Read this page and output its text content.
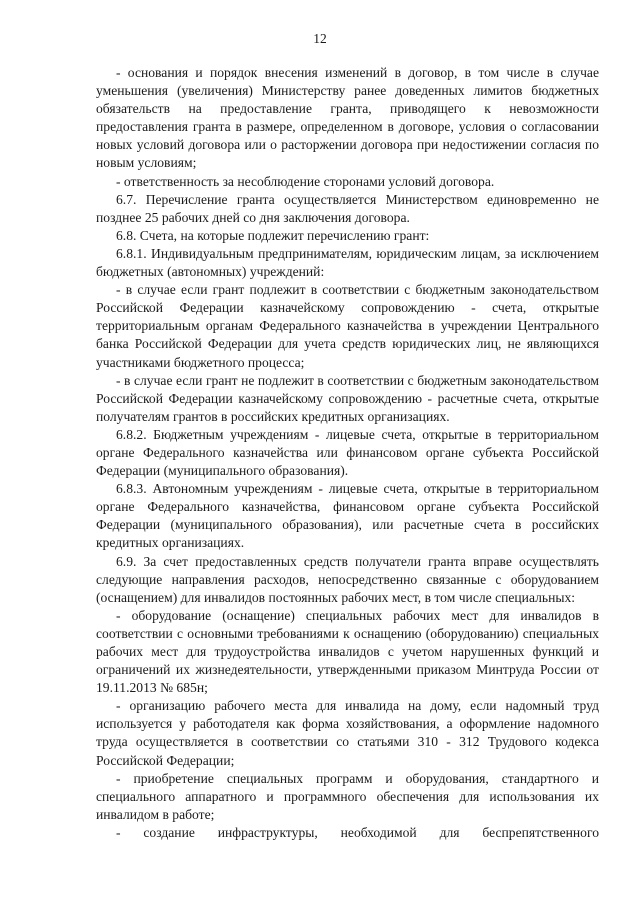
12

- основания и порядок внесения изменений в договор, в том числе в случае уменьшения (увеличения) Министерству ранее доведенных лимитов бюджетных обязательств на предоставление гранта, приводящего к невозможности предоставления гранта в размере, определенном в договоре, условия о согласовании новых условий договора или о расторжении договора при недостижении согласия по новым условиям;

- ответственность за несоблюдение сторонами условий договора.

6.7. Перечисление гранта осуществляется Министерством единовременно не позднее 25 рабочих дней со дня заключения договора.

6.8. Счета, на которые подлежит перечислению грант:

6.8.1. Индивидуальным предпринимателям, юридическим лицам, за исключением бюджетных (автономных) учреждений:

- в случае если грант подлежит в соответствии с бюджетным законодательством Российской Федерации казначейскому сопровождению - счета, открытые территориальным органам Федерального казначейства в учреждении Центрального банка Российской Федерации для учета средств юридических лиц, не являющихся участниками бюджетного процесса;

- в случае если грант не подлежит в соответствии с бюджетным законодательством Российской Федерации казначейскому сопровождению - расчетные счета, открытые получателям грантов в российских кредитных организациях.

6.8.2. Бюджетным учреждениям - лицевые счета, открытые в территориальном органе Федерального казначейства или финансовом органе субъекта Российской Федерации (муниципального образования).

6.8.3. Автономным учреждениям - лицевые счета, открытые в территориальном органе Федерального казначейства, финансовом органе субъекта Российской Федерации (муниципального образования), или расчетные счета в российских кредитных организациях.

6.9. За счет предоставленных средств получатели гранта вправе осуществлять следующие направления расходов, непосредственно связанные с оборудованием (оснащением) для инвалидов постоянных рабочих мест, в том числе специальных:

- оборудование (оснащение) специальных рабочих мест для инвалидов в соответствии с основными требованиями к оснащению (оборудованию) специальных рабочих мест для трудоустройства инвалидов с учетом нарушенных функций и ограничений их жизнедеятельности, утвержденными приказом Минтруда России от 19.11.2013 № 685н;

- организацию рабочего места для инвалида на дому, если надомный труд используется у работодателя как форма хозяйствования, а оформление надомного труда осуществляется в соответствии со статьями 310 - 312 Трудового кодекса Российской Федерации;

- приобретение специальных программ и оборудования, стандартного и специального аппаратного и программного обеспечения для использования их инвалидом в работе;

- создание инфраструктуры, необходимой для беспрепятственного
